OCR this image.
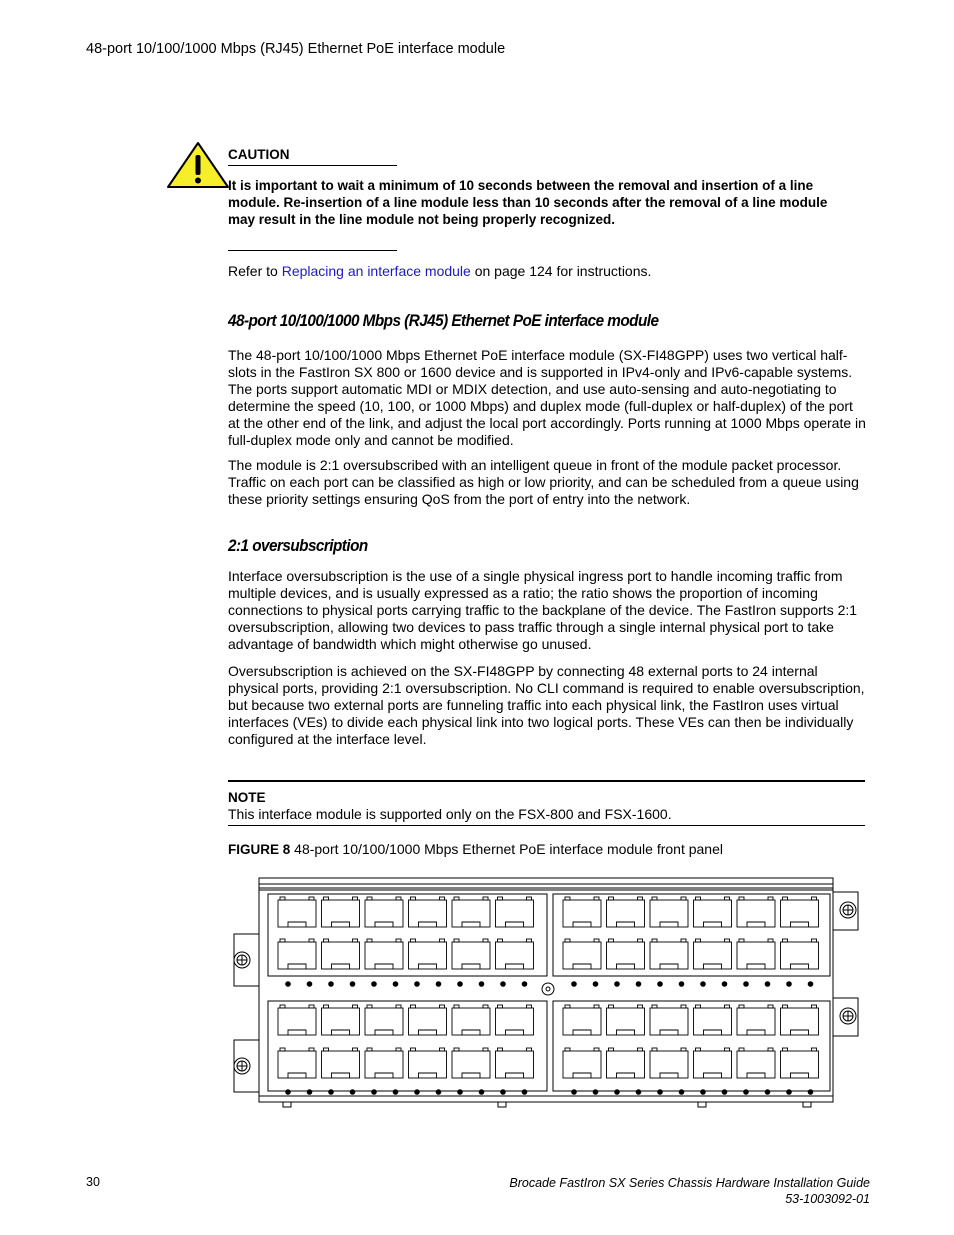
48-port 10/100/1000 Mbps (RJ45) Ethernet PoE interface module
CAUTION
It is important to wait a minimum of 10 seconds between the removal and insertion of a line module. Re-insertion of a line module less than 10 seconds after the removal of a line module may result in the line module not being properly recognized.
Refer to Replacing an interface module on page 124 for instructions.
48-port 10/100/1000 Mbps (RJ45) Ethernet PoE interface module
The 48-port 10/100/1000 Mbps Ethernet PoE interface module (SX-FI48GPP) uses two vertical half-slots in the FastIron SX 800 or 1600 device and is supported in IPv4-only and IPv6-capable systems. The ports support automatic MDI or MDIX detection, and use auto-sensing and auto-negotiating to determine the speed (10, 100, or 1000 Mbps) and duplex mode (full-duplex or half-duplex) of the port at the other end of the link, and adjust the local port accordingly. Ports running at 1000 Mbps operate in full-duplex mode only and cannot be modified.
The module is 2:1 oversubscribed with an intelligent queue in front of the module packet processor. Traffic on each port can be classified as high or low priority, and can be scheduled from a queue using these priority settings ensuring QoS from the port of entry into the network.
2:1 oversubscription
Interface oversubscription is the use of a single physical ingress port to handle incoming traffic from multiple devices, and is usually expressed as a ratio; the ratio shows the proportion of incoming connections to physical ports carrying traffic to the backplane of the device. The FastIron supports 2:1 oversubscription, allowing two devices to pass traffic through a single internal physical port to take advantage of bandwidth which might otherwise go unused.
Oversubscription is achieved on the SX-FI48GPP by connecting 48 external ports to 24 internal physical ports, providing 2:1 oversubscription. No CLI command is required to enable oversubscription, but because two external ports are funneling traffic into each physical link, the FastIron uses virtual interfaces (VEs) to divide each physical link into two logical ports. These VEs can then be individually configured at the interface level.
NOTE
This interface module is supported only on the FSX-800 and FSX-1600.
FIGURE 8 48-port 10/100/1000 Mbps Ethernet PoE interface module front panel
30	Brocade FastIron SX Series Chassis Hardware Installation Guide
53-1003092-01
